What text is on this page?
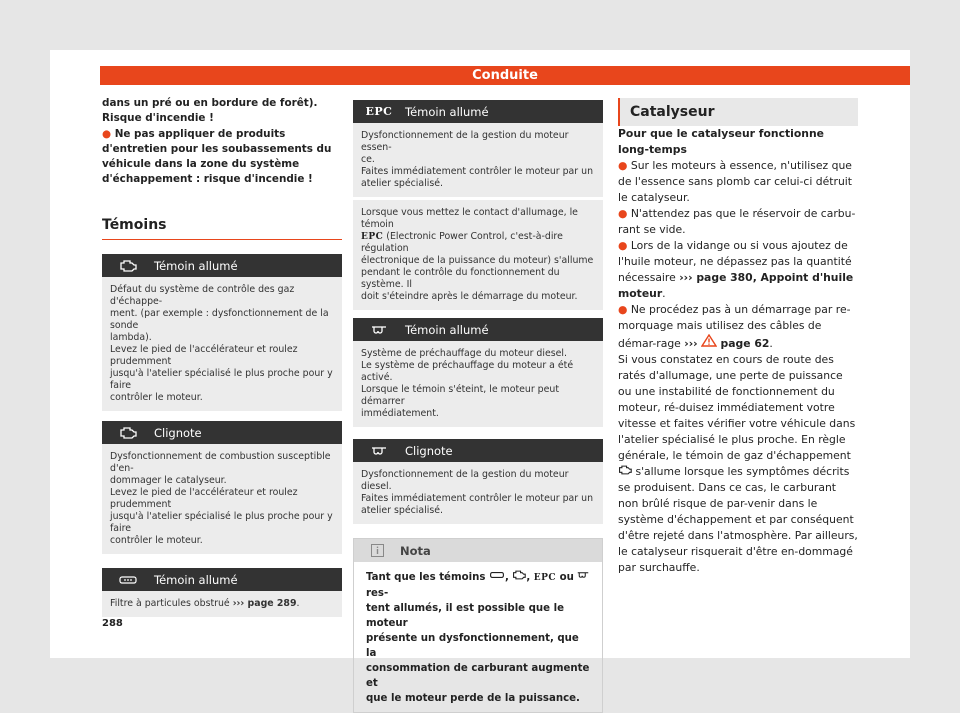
Conduite

dans un pré ou en bordure de forêt). Risque d'incendie !

● Ne pas appliquer de produits d'entretien pour les soubassements du véhicule dans la zone du système d'échappement : risque d'incendie !

Témoins
Témoin allumé

Défaut du système de contrôle des gaz d'échappe-

ment. (par exemple : dysfonctionnement de la sonde

lambda).

Levez le pied de l'accélérateur et roulez prudemment

jusqu'à l'atelier spécialisé le plus proche pour y faire

contrôler le moteur.

Clignote

Dysfonctionnement de combustion susceptible d'en-

dommager le catalyseur.

Levez le pied de l'accélérateur et roulez prudemment

jusqu'à l'atelier spécialisé le plus proche pour y faire

contrôler le moteur.

Témoin allumé

Filtre à particules obstrué ››› page 289.

EPC	Témoin allumé

Dysfonctionnement de la gestion du moteur essen-

ce.

Faites immédiatement contrôler le moteur par un

atelier spécialisé.

Lorsque vous mettez le contact d'allumage, le témoin

EPC (Electronic Power Control, c'est-à-dire régulation

électronique de la puissance du moteur) s'allume

pendant le contrôle du fonctionnement du système. Il

doit s'éteindre après le démarrage du moteur.

Témoin allumé

Système de préchauffage du moteur diesel.

Le système de préchauffage du moteur a été activé.

Lorsque le témoin s'éteint, le moteur peut démarrer

immédiatement.

Clignote

Dysfonctionnement de la gestion du moteur diesel.

Faites immédiatement contrôler le moteur par un

atelier spécialisé.

Nota
Tant que les témoins , , EPC ou  res-
tent allumés, il est possible que le moteur
présente un dysfonctionnement, que la
consommation de carburant augmente et
que le moteur perde de la puissance.
Catalyseur

Pour que le catalyseur fonctionne long-temps

● Sur les moteurs à essence, n'utilisez que de l'essence sans plomb car celui-ci détruit le catalyseur.

● N'attendez pas que le réservoir de carbu-rant se vide.

● Lors de la vidange ou si vous ajoutez de l'huile moteur, ne dépassez pas la quantité nécessaire ››› page 380, Appoint d'huile moteur.

● Ne procédez pas à un démarrage par re-morquage mais utilisez des câbles de démar-rage ››› page 62.

Si vous constatez en cours de route des ratés d'allumage, une perte de puissance ou une instabilité de fonctionnement du moteur, ré-duisez immédiatement votre vitesse et faites vérifier votre véhicule dans l'atelier spécialisé le plus proche. En règle générale, le témoin de gaz d'échappement  s'allume lorsque les symptômes décrits se produisent. Dans ce cas, le carburant non brûlé risque de par-venir dans le système d'échappement et par conséquent d'être rejeté dans l'atmosphère. Par ailleurs, le catalyseur risquerait d'être en-dommagé par surchauffe.

288
